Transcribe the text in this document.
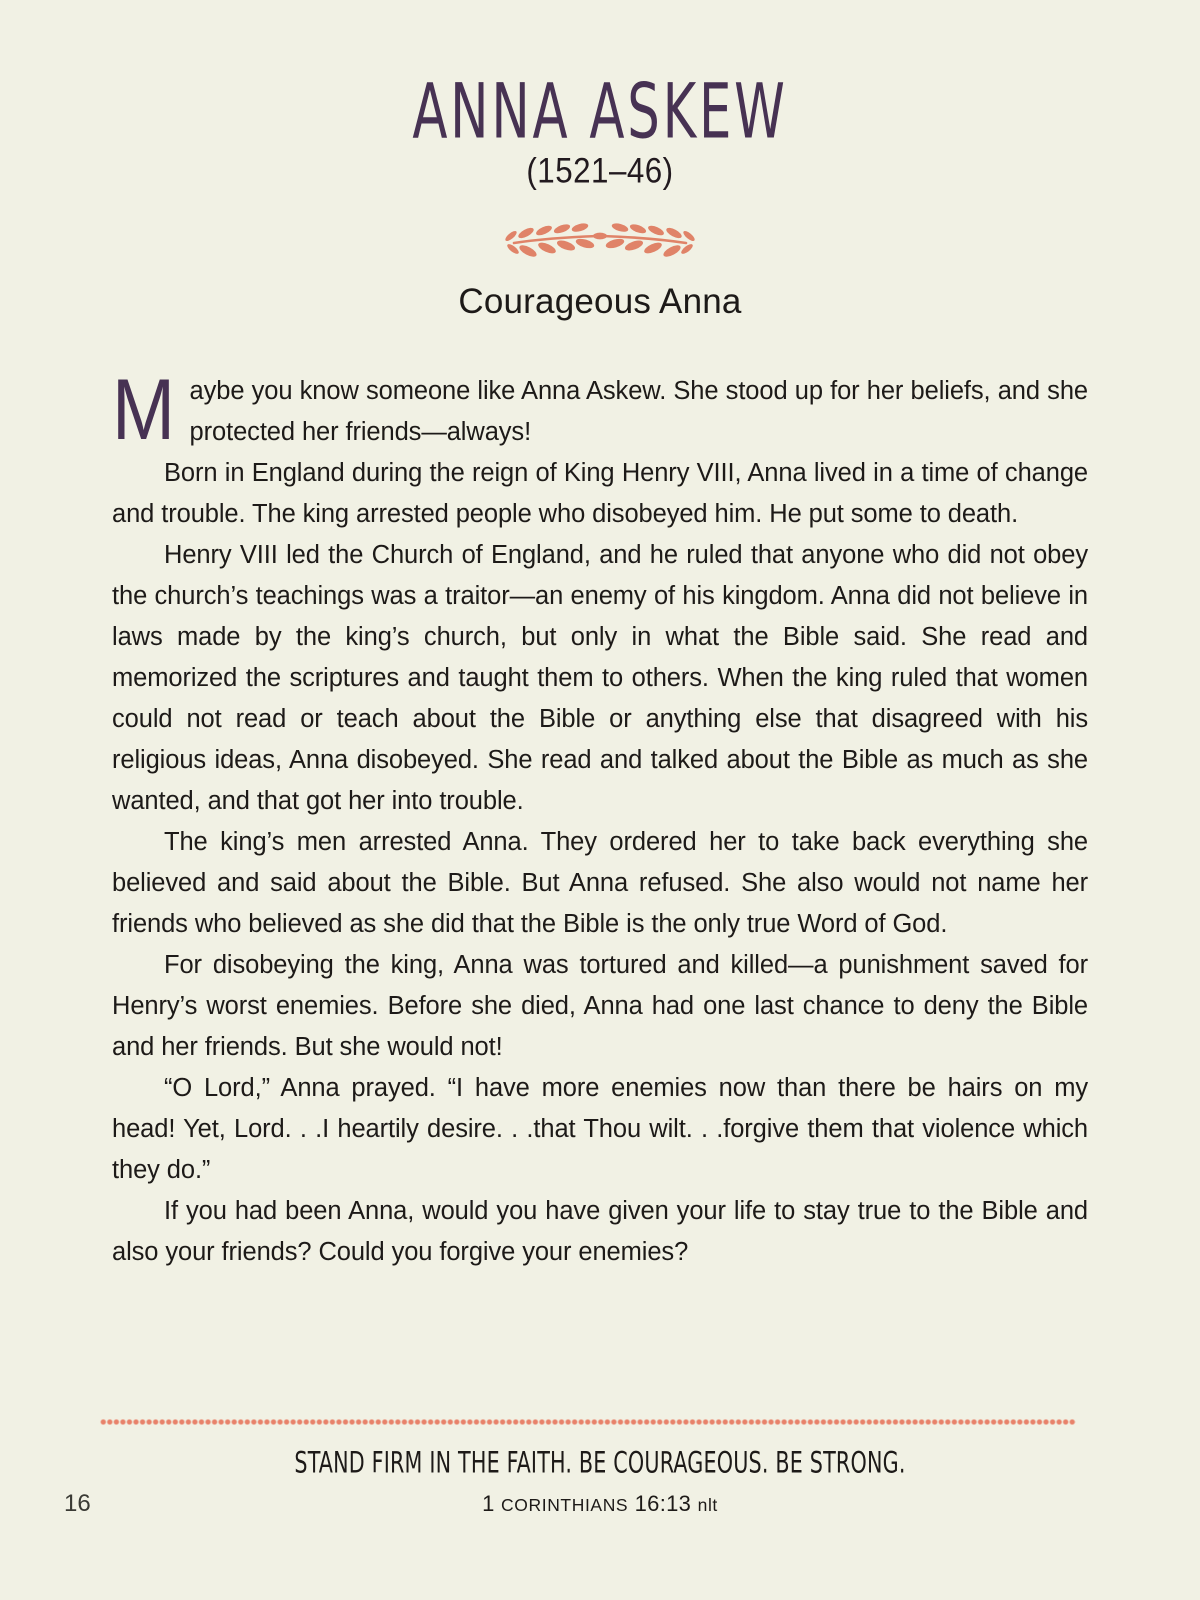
ANNA ASKEW
(1521–46)
Courageous Anna

Maybe you know someone like Anna Askew. She stood up for her beliefs, and she protected her friends—always!

Born in England during the reign of King Henry VIII, Anna lived in a time of change and trouble. The king arrested people who disobeyed him. He put some to death.

Henry VIII led the Church of England, and he ruled that anyone who did not obey the church’s teachings was a traitor—an enemy of his kingdom. Anna did not believe in laws made by the king’s church, but only in what the Bible said. She read and memorized the scriptures and taught them to others. When the king ruled that women could not read or teach about the Bible or anything else that disagreed with his religious ideas, Anna disobeyed. She read and talked about the Bible as much as she wanted, and that got her into trouble.

The king’s men arrested Anna. They ordered her to take back everything she believed and said about the Bible. But Anna refused. She also would not name her friends who believed as she did that the Bible is the only true Word of God.

For disobeying the king, Anna was tortured and killed—a punishment saved for Henry’s worst enemies. Before she died, Anna had one last chance to deny the Bible and her friends. But she would not!

“O Lord,” Anna prayed. “I have more enemies now than there be hairs on my head! Yet, Lord. . .I heartily desire. . .that Thou wilt. . .forgive them that violence which they do.”

If you had been Anna, would you have given your life to stay true to the Bible and also your friends? Could you forgive your enemies?

STAND FIRM IN THE FAITH. BE COURAGEOUS. BE STRONG.
1 CORINTHIANS 16:13 nlt
16
